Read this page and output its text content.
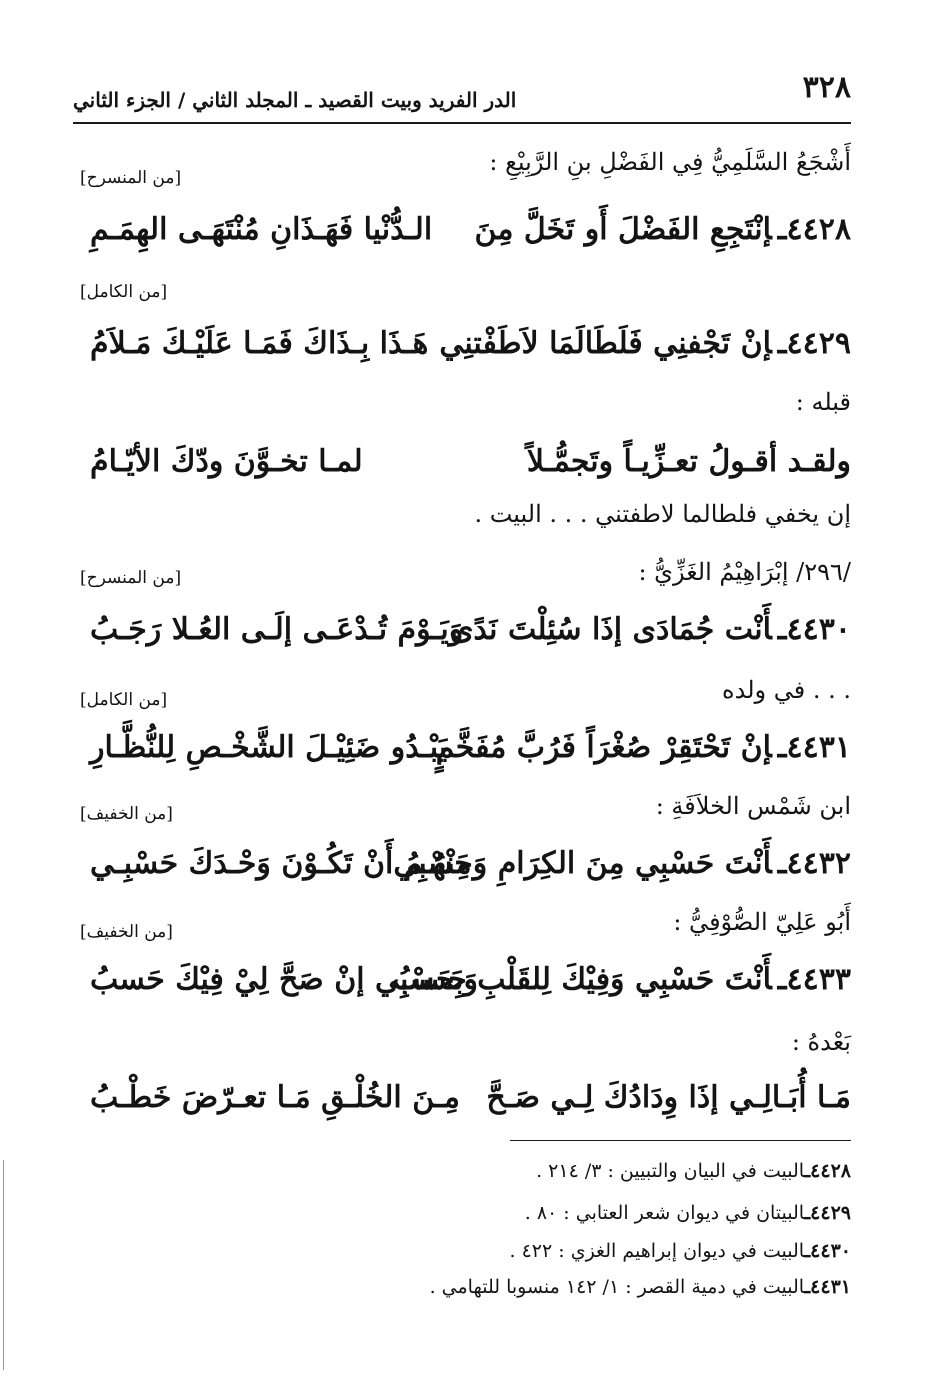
٣٢٨
الدر الفريد وبيت القصيد ـ المجلد الثاني / الجزء الثاني
أَشْجَعُ السَّلَمِيُّ فِي الفَضْلِ بنِ الرَّبِيْعِ :
[من المنسرح]
٤٤٢٨ـإنْتَجِعِ الفَضْلَ أَو تَخَلَّ مِنَ
الـدُّنْيا فَهَـذَانِ مُنْتَهَـى الهِمَـمِ
[من الكامل]
٤٤٢٩ـإنْ تَجْفنِي فَلَطَالَمَا لاَطَفْتنِي
هَـذَا بِـذَاكَ فَمَـا عَلَيْـكَ مَـلاَمُ
قبله :
ولقـد أقـولُ تعـزِّيـاً وتَجمُّـلاً
لمـا تخـوَّنَ ودّكَ الأيّـامُ
إن يخفي فلطالما لاطفتني . . . البيت .
/٢٩٦/ إبْرَاهِيْمُ الغَزِّيُّ :
[من المنسرح]
٤٤٣٠ـأَنْت جُمَادَى إذَا سُئِلْتَ نَدًى
وَيَـوْمَ تُـدْعَـى إلَـى العُـلا رَجَـبُ
. . . في ولده
[من الكامل]
٤٤٣١ـإنْ تَحْتَقِرْ صُغْرَاً فَرُبَّ مُفَخَّمٍ
يَبْـدُو ضَئِيْـلَ الشَّخْـصِ لِلنُّظَّـارِ
ابن شَمْس الخلاَفَةِ :
[من الخفيف]
٤٤٣٢ـأَنْتَ حَسْبِي مِنَ الكِرَامِ وَحَسْبِي
مِنْهُـمُ أَنْ تَكُـوْنَ وَحْـدَكَ حَسْبِـي
أَبُو عَلِيّ الصُّوْفِيُّ :
[من الخفيف]
٤٤٣٣ـأَنْتَ حَسْبِي وَفِيْكَ لِلقَلْبِ حَسبُ
وَبِحَسْبِي إنْ صَحَّ لِيْ فِيْكَ حَسبُ
بَعْدهُ :
مَـا أُبَـالِـي إذَا وِدَادُكَ لِـي صَـحَّ
مِـنَ الخُلْـقِ مَـا تعـرّضَ خَطْـبُ
٤٤٢٨ـالبيت في البيان والتبيين : ٣/ ٢١٤ .
٤٤٢٩ـالبيتان في ديوان شعر العتابي : ٨٠ .
٤٤٣٠ـالبيت في ديوان إبراهيم الغزي : ٤٢٢ .
٤٤٣١ـالبيت في دمية القصر : ١/ ١٤٢ منسوبا للتهامي .
